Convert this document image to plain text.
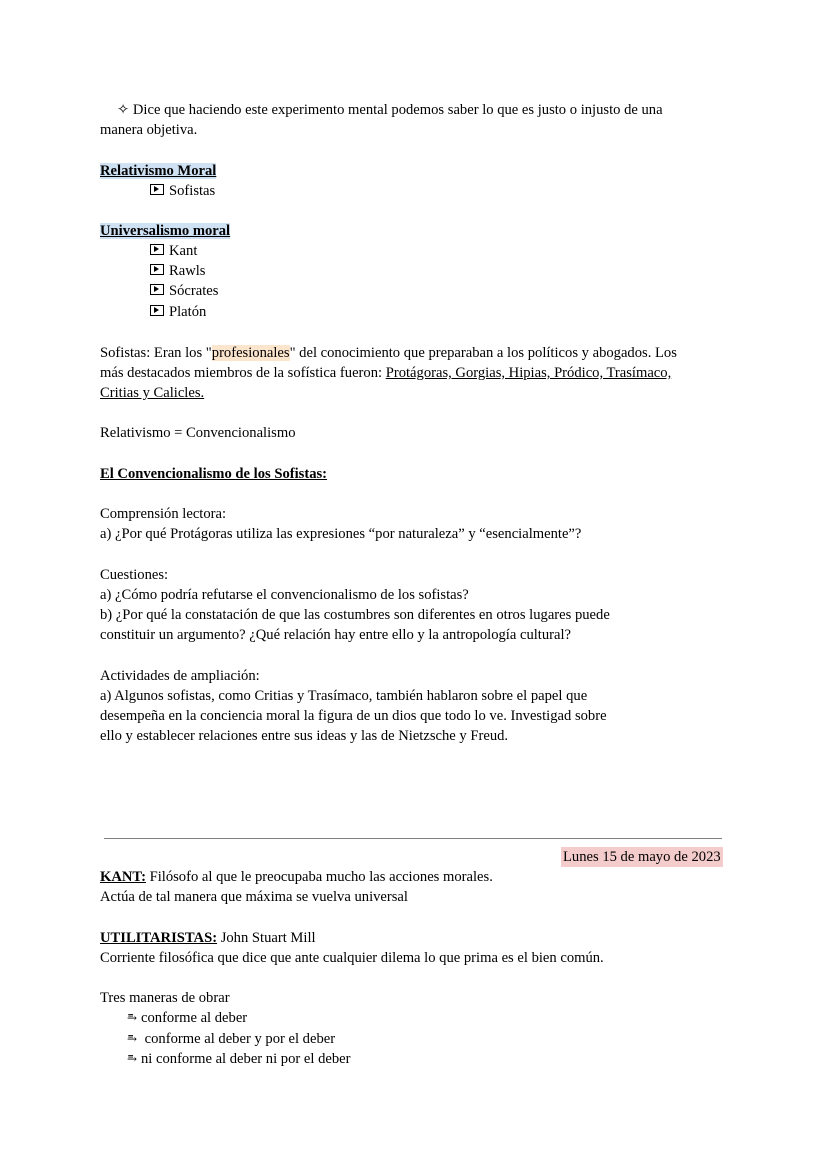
✧ Dice que haciendo este experimento mental podemos saber lo que es justo o injusto de una
manera objetiva.
Relativismo Moral
Sofistas
Universalismo moral
Kant
Rawls
Sócrates
Platón
Sofistas: Eran los "profesionales" del conocimiento que preparaban a los políticos y abogados. Los
más destacados miembros de la sofística fueron: Protágoras, Gorgias, Hipias, Pródico, Trasímaco,
Critias y Calicles.
Relativismo = Convencionalismo
El Convencionalismo de los Sofistas:
Comprensión lectora:
a) ¿Por qué Protágoras utiliza las expresiones “por naturaleza” y “esencialmente”?
Cuestiones:
a) ¿Cómo podría refutarse el convencionalismo de los sofistas?
b) ¿Por qué la constatación de que las costumbres son diferentes en otros lugares puede
constituir un argumento? ¿Qué relación hay entre ello y la antropología cultural?
Actividades de ampliación:
a) Algunos sofistas, como Critias y Trasímaco, también hablaron sobre el papel que
desempeña en la conciencia moral la figura de un dios que todo lo ve. Investigad sobre
ello y establecer relaciones entre sus ideas y las de Nietzsche y Freud.
Lunes 15 de mayo de 2023
KANT: Filósofo al que le preocupaba mucho las acciones morales.
Actúa de tal manera que máxima se vuelva universal
UTILITARISTAS: John Stuart Mill
Corriente filosófica que dice que ante cualquier dilema lo que prima es el bien común.
Tres maneras de obrar
⥱ conforme al deber
⥱ conforme al deber y por el deber
⥱ ni conforme al deber ni por el deber
